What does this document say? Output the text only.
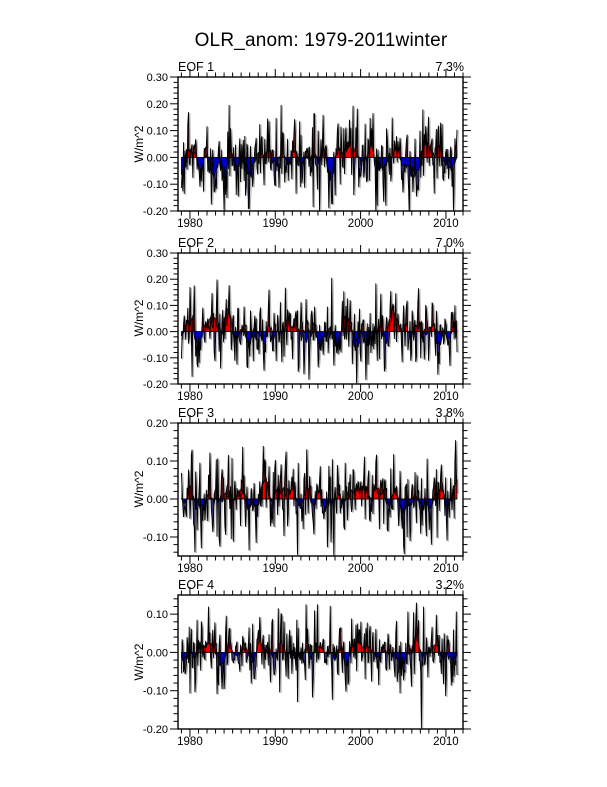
0.30
0.20
0.10
0.00
-0.10
-0.20
1980	1990	2000	2010
0.30
0.20
0.10
0.00
-0.10
-0.20
1980	1990	2000	2010
0.20
0.10
0.00
-0.10
1980	1990	2000	2010
0.10
0.00
-0.10
-0.20
1980	1990	2000	2010
OLR_anom: 1979-2011winter
EOF 1	7.3%
EOF 2	7.0%
EOF 3	3.8%
EOF 4	3.2%
W/m^2
W/m^2
W/m^2
W/m^2
